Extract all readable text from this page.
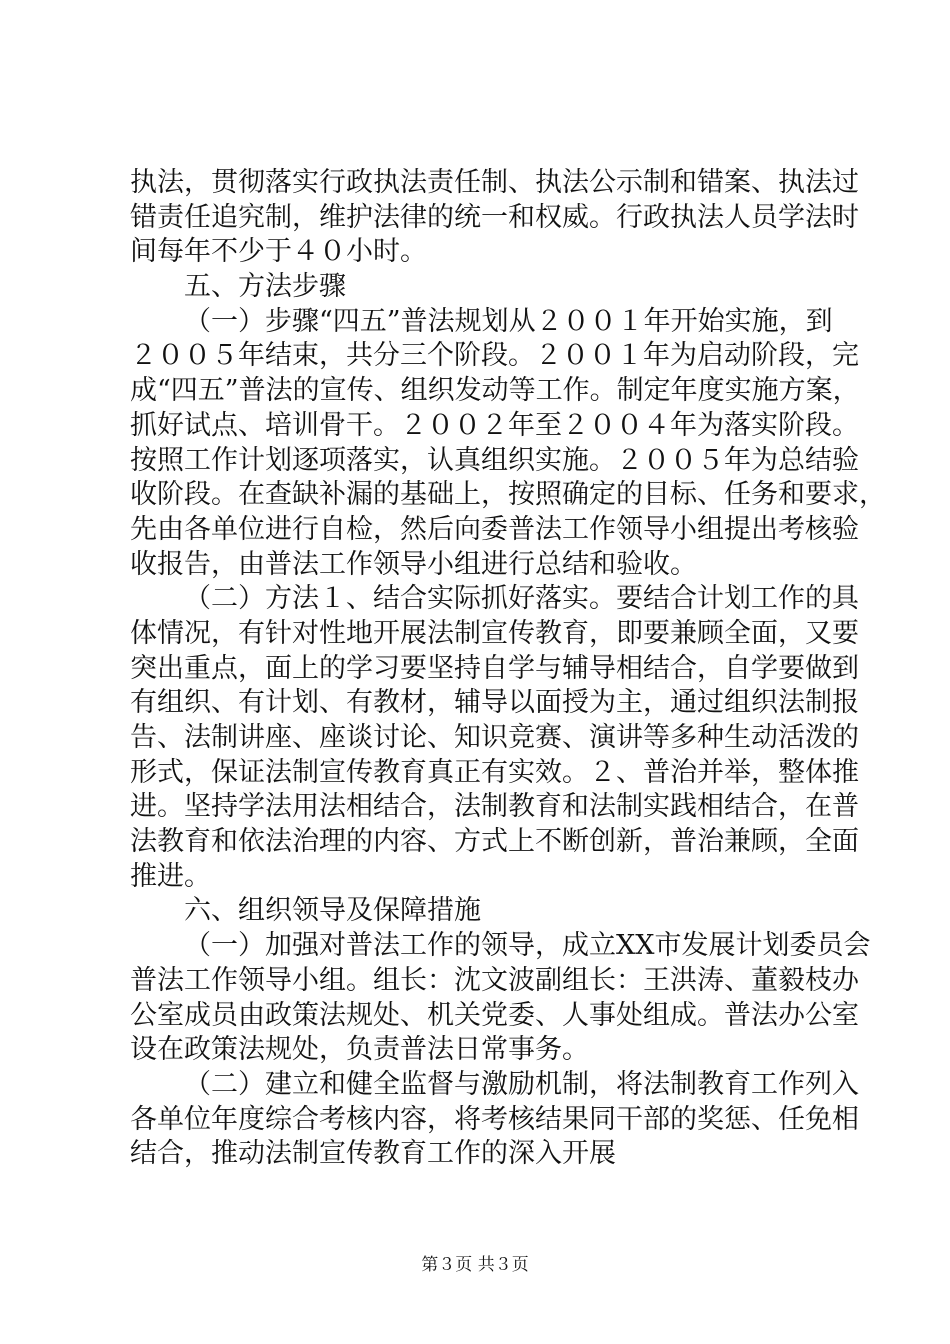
执法，贯彻落实行政执法责任制、执法公示制和错案、执法过
错责任追究制，维护法律的统一和权威。行政执法人员学法时
间每年不少于４０小时。
五、方法步骤
（一）步骤“四五”普法规划从２００１年开始实施，到
２００５年结束，共分三个阶段。２００１年为启动阶段，完
成“四五”普法的宣传、组织发动等工作。制定年度实施方案，
抓好试点、培训骨干。２００２年至２００４年为落实阶段。
按照工作计划逐项落实，认真组织实施。２００５年为总结验
收阶段。在查缺补漏的基础上，按照确定的目标、任务和要求，
先由各单位进行自检，然后向委普法工作领导小组提出考核验
收报告，由普法工作领导小组进行总结和验收。
（二）方法１、结合实际抓好落实。要结合计划工作的具
体情况，有针对性地开展法制宣传教育，即要兼顾全面，又要
突出重点，面上的学习要坚持自学与辅导相结合，自学要做到
有组织、有计划、有教材，辅导以面授为主，通过组织法制报
告、法制讲座、座谈讨论、知识竞赛、演讲等多种生动活泼的
形式，保证法制宣传教育真正有实效。２、普治并举，整体推
进。坚持学法用法相结合，法制教育和法制实践相结合，在普
法教育和依法治理的内容、方式上不断创新，普治兼顾，全面
推进。
六、组织领导及保障措施
（一）加强对普法工作的领导，成立XX市发展计划委员会
普法工作领导小组。组长：沈文波副组长：王洪涛、董毅枝办
公室成员由政策法规处、机关党委、人事处组成。普法办公室
设在政策法规处，负责普法日常事务。
（二）建立和健全监督与激励机制，将法制教育工作列入
各单位年度综合考核内容，将考核结果同干部的奖惩、任免相
结合，推动法制宣传教育工作的深入开展
第３页 共３页
